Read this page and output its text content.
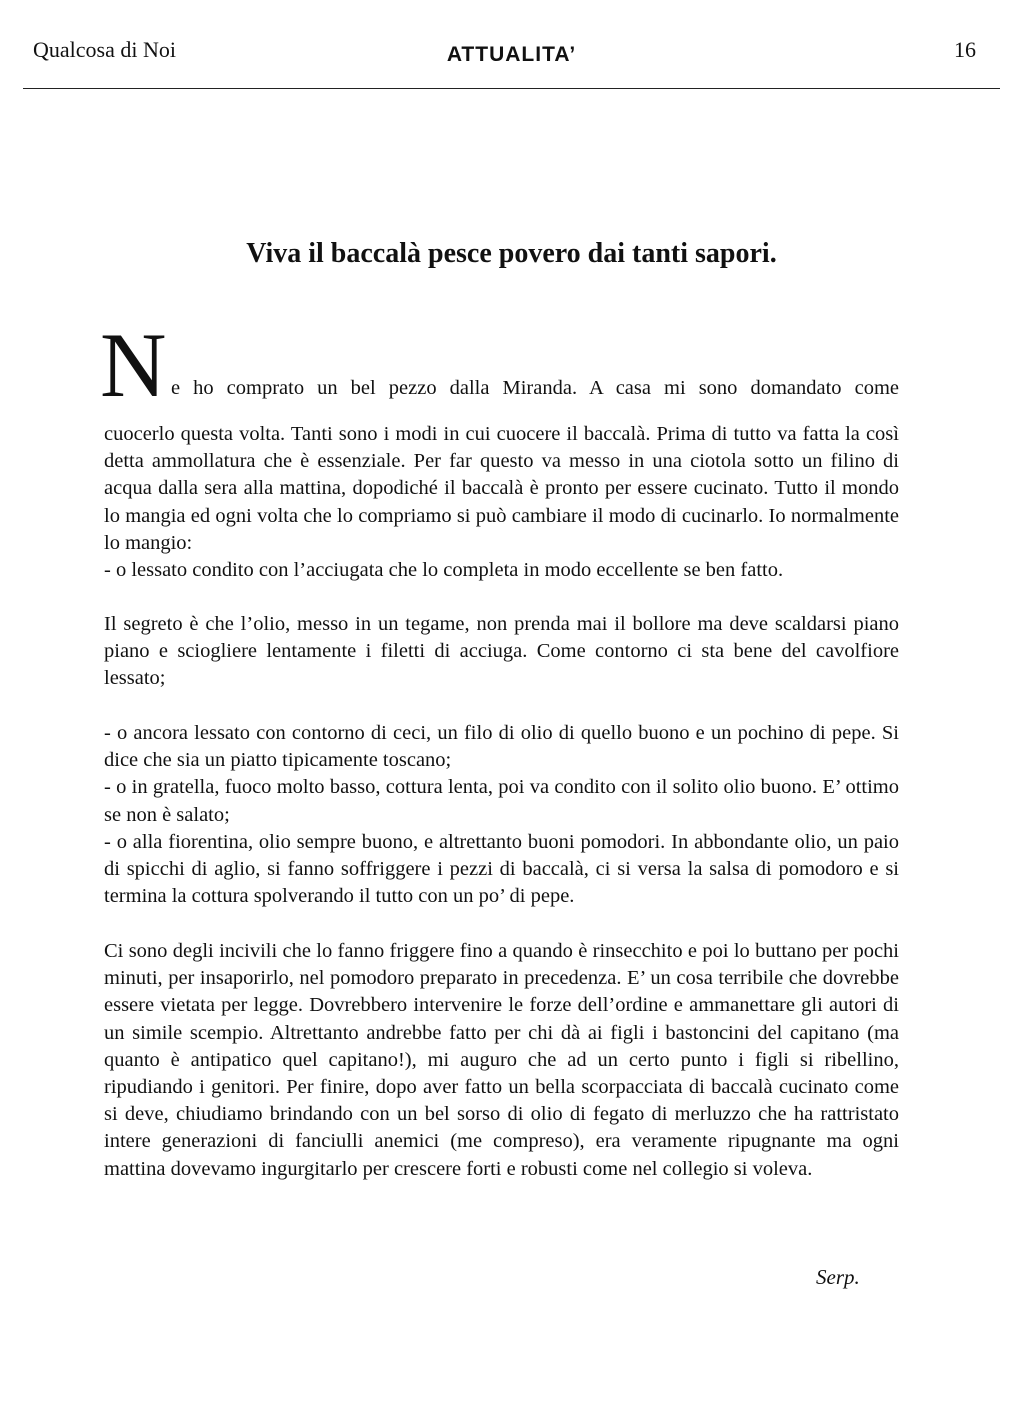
Qualcosa di Noi	ATTUALITA’	16
Viva il baccalà pesce povero dai tanti sapori.
N e ho comprato un bel pezzo dalla Miranda. A casa mi sono domandato come

cuocerlo questa volta. Tanti sono i modi in cui cuocere il baccalà. Prima di tutto va fatta la così detta ammollatura che è essenziale. Per far questo va messo in una ciotola sotto un filino di acqua dalla sera alla mattina, dopodiché il baccalà è pronto per essere cucinato. Tutto il mondo lo mangia ed ogni volta che lo compriamo si può cambiare il modo di cucinarlo. Io normalmente lo mangio:

- o lessato condito con l’acciugata che lo completa in modo eccellente se ben fatto.

Il segreto è che l’olio, messo in un tegame, non prenda mai il bollore ma deve scaldarsi piano piano e sciogliere lentamente i filetti di acciuga. Come contorno ci sta bene del cavolfiore lessato;

- o ancora lessato con contorno di ceci, un filo di olio di quello buono e un pochino di pepe. Si dice che sia un piatto tipicamente toscano;

- o in gratella, fuoco molto basso, cottura lenta, poi va condito con il solito olio buono. E’ ottimo se non è salato;

- o alla fiorentina, olio sempre buono, e altrettanto buoni pomodori. In abbondante olio, un paio di spicchi di aglio, si fanno soffriggere i pezzi di baccalà, ci si versa la salsa di pomodoro e si termina la cottura spolverando il tutto con un po’ di pepe.

Ci sono degli incivili che lo fanno friggere fino a quando è rinsecchito e poi lo buttano per pochi minuti, per insaporirlo, nel pomodoro preparato in precedenza. E’ un cosa terribile che dovrebbe essere vietata per legge. Dovrebbero intervenire le forze dell’ordine e ammanettare gli autori di un simile scempio. Altrettanto andrebbe fatto per chi dà ai figli i bastoncini del capitano (ma quanto è antipatico quel capitano!), mi auguro che ad un certo punto i figli si ribellino, ripudiando i genitori. Per finire, dopo aver fatto un bella scorpacciata di baccalà cucinato come si deve, chiudiamo brindando con un bel sorso di olio di fegato di merluzzo che ha rattristato intere generazioni di fanciulli anemici (me compreso), era veramente ripugnante ma ogni mattina dovevamo ingurgitarlo per crescere forti e robusti come nel collegio si voleva.

Serp.
